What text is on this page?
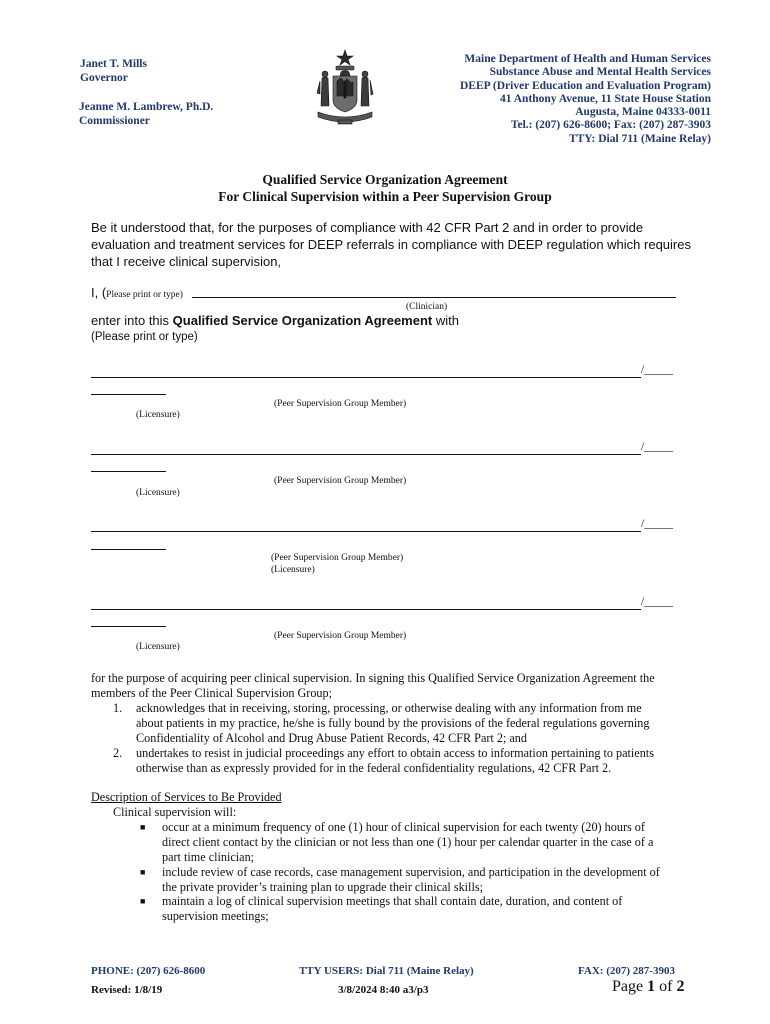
Janet T. Mills
Governor
Jeanne M. Lambrew, Ph.D.
Commissioner
Maine Department of Health and Human Services
Substance Abuse and Mental Health Services
DEEP (Driver Education and Evaluation Program)
41 Anthony Avenue, 11 State House Station
Augusta, Maine 04333-0011
Tel.: (207) 626-8600; Fax: (207) 287-3903
TTY: Dial 711 (Maine Relay)
Qualified Service Organization Agreement
For Clinical Supervision within a Peer Supervision Group
Be it understood that, for the purposes of compliance with 42 CFR Part 2 and in order to provide evaluation and treatment services for DEEP referrals in compliance with DEEP regulation which requires that I receive clinical supervision,
I, (Please print or type)
(Clinician)
enter into this Qualified Service Organization Agreement with
(Please print or type)
/_____
(Peer Supervision Group Member)
(Licensure)
/_____
(Peer Supervision Group Member)
(Licensure)
/_____
(Peer Supervision Group Member)
(Licensure)
/_____
(Peer Supervision Group Member)
(Licensure)
for the purpose of acquiring peer clinical supervision. In signing this Qualified Service Organization Agreement the
members of the Peer Clinical Supervision Group;
1. acknowledges that in receiving, storing, processing, or otherwise dealing with any information from me
about patients in my practice, he/she is fully bound by the provisions of the federal regulations governing
Confidentiality of Alcohol and Drug Abuse Patient Records, 42 CFR Part 2; and
2. undertakes to resist in judicial proceedings any effort to obtain access to information pertaining to patients
otherwise than as expressly provided for in the federal confidentiality regulations, 42 CFR Part 2.
Description of Services to Be Provided
Clinical supervision will:
■ occur at a minimum frequency of one (1) hour of clinical supervision for each twenty (20) hours of
direct client contact by the clinician or not less than one (1) hour per calendar quarter in the case of a
part time clinician;
■ include review of case records, case management supervision, and participation in the development of
the private provider’s training plan to upgrade their clinical skills;
■ maintain a log of clinical supervision meetings that shall contain date, duration, and content of
supervision meetings;
PHONE: (207) 626-8600	TTY USERS: Dial 711 (Maine Relay)	FAX: (207) 287-3903
Revised: 1/8/19	3/8/2024 8:40 a3/p3	Page 1 of 2
